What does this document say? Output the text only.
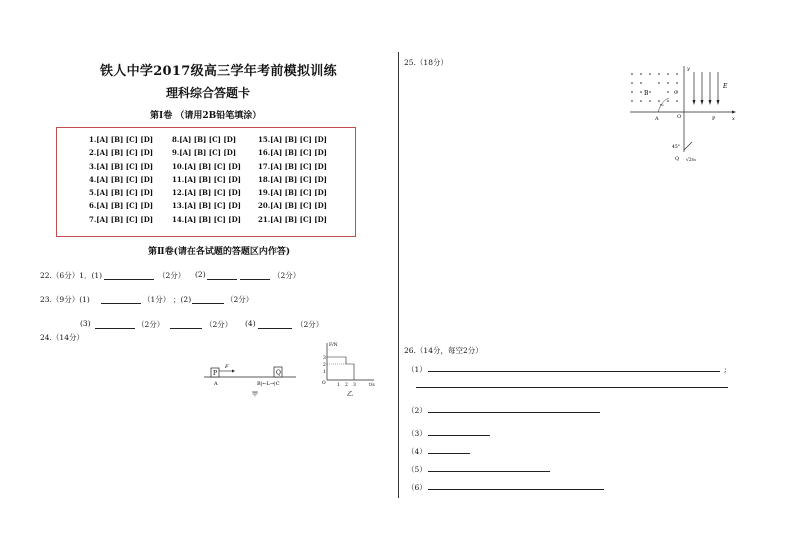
铁人中学2017级高三学年考前模拟训练
理科综合答题卡
第Ⅰ卷 （请用2B铅笔填涂）
1.[A] [B] [C] [D]
2.[A] [B] [C] [D]
3.[A] [B] [C] [D]
4.[A] [B] [C] [D]
5.[A] [B] [C] [D]
6.[A] [B] [C] [D]
7.[A] [B] [C] [D]
8.[A] [B] [C] [D]
9.[A] [B] [C] [D]
10.[A] [B] [C] [D]
11.[A] [B] [C] [D]
12.[A] [B] [C] [D]
13.[A] [B] [C] [D]
14.[A] [B] [C] [D]
15.[A] [B] [C] [D]
16.[A] [B] [C] [D]
17.[A] [B] [C] [D]
18.[A] [B] [C] [D]
19.[A] [B] [C] [D]
20.[A] [B] [C] [D]
21.[A] [B] [C] [D]
第Ⅱ卷(请在各试题的答题区内作答)
22.（6分）1．(1)	（2分） (2)	（2分）
23.（9分）(1)	（1分） ；(2)	（2分）
(3)	（2分）	（2分） (4)	（2分）
24.（14分）
P
F
Q
A	B|←L→|C
甲
F/N
t/s
O
3
2
1
1 2 3
乙
25.（18分）
B	C
v₀
y
x
E
A	O	P
45°
Q √2v₀
26.（14分，每空2分）
（1）	;
（2）
（3）
（4）
（5）
（6）
